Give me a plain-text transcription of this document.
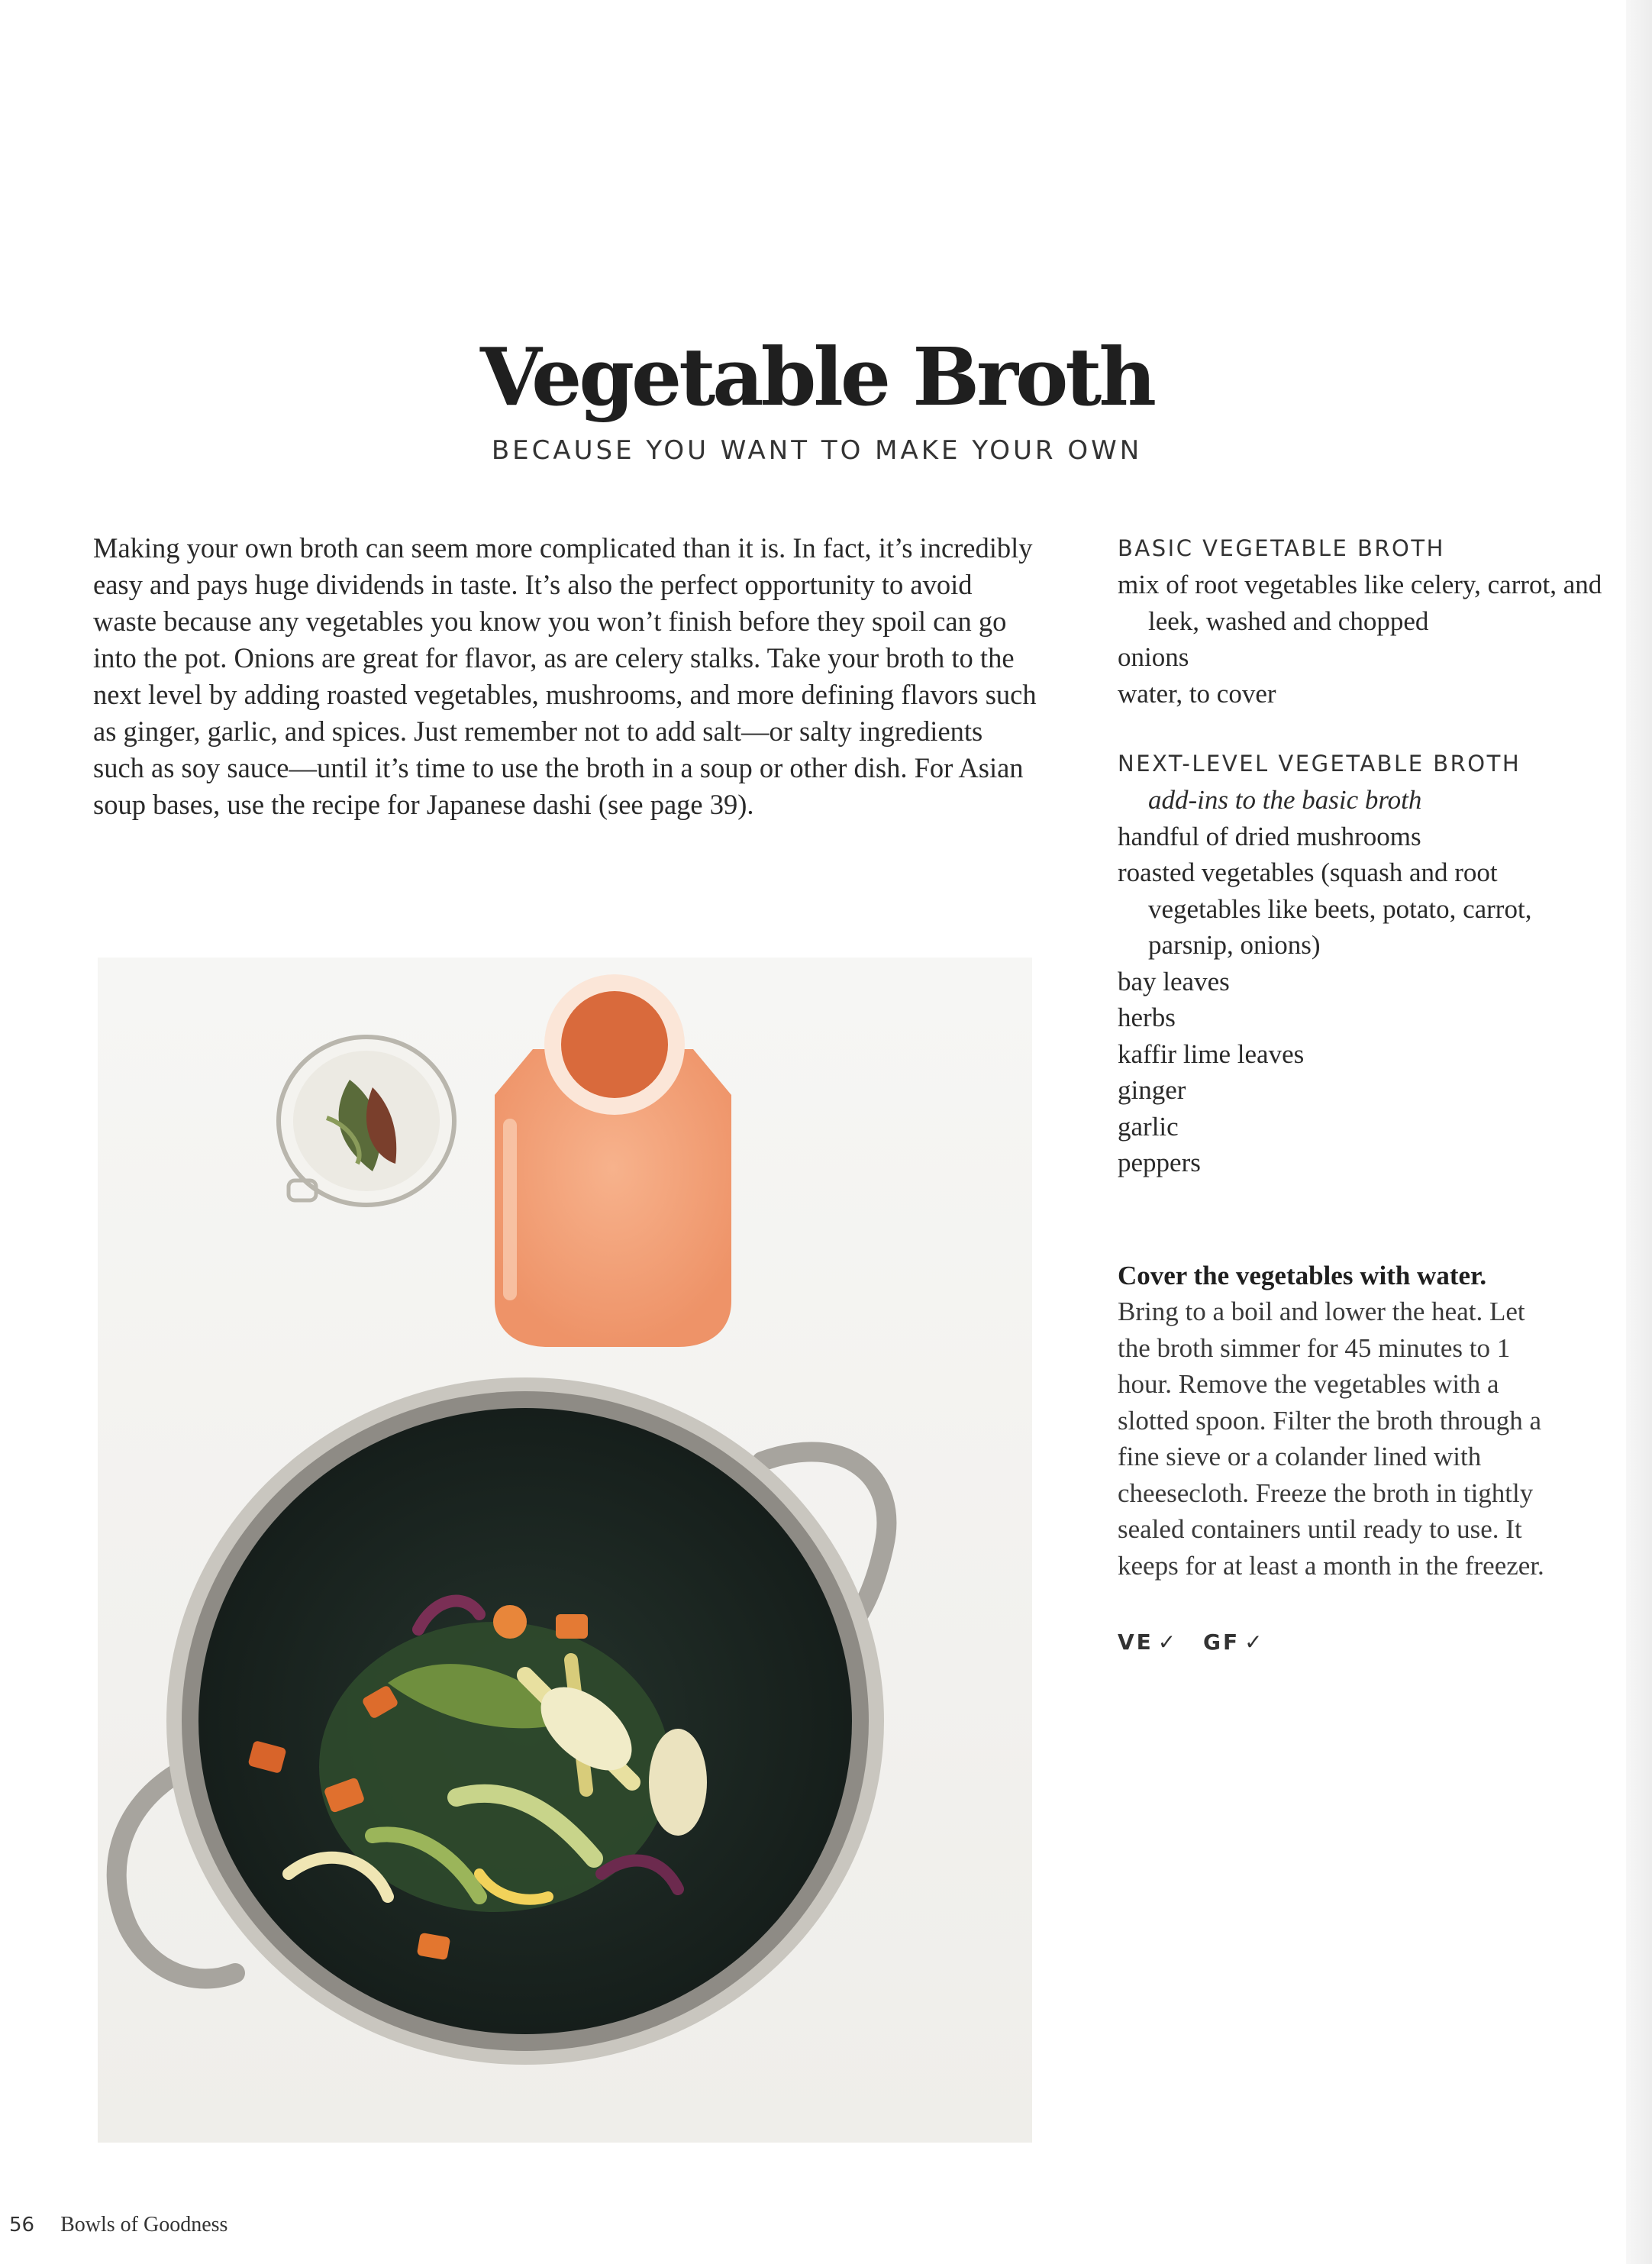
Vegetable Broth

BECAUSE YOU WANT TO MAKE YOUR OWN

Making your own broth can seem more complicated than it is. In fact, it’s incredibly easy and pays huge dividends in taste. It’s also the perfect opportunity to avoid waste because any vegetables you know you won’t finish before they spoil can go into the pot. Onions are great for flavor, as are celery stalks. Take your broth to the next level by adding roasted vegetables, mushrooms, and more defining flavors such as ginger, garlic, and spices. Just remember not to add salt—or salty ingredients such as soy sauce—until it’s time to use the broth in a soup or other dish. For Asian soup bases, use the recipe for Japanese dashi (see page 39).

BASIC VEGETABLE BROTH

mix of root vegetables like celery, carrot, and leek, washed and chopped
onions
water, to cover

NEXT-LEVEL VEGETABLE BROTH

add-ins to the basic broth
handful of dried mushrooms
roasted vegetables (squash and root vegetables like beets, potato, carrot, parsnip, onions)
bay leaves
herbs
kaffir lime leaves
ginger
garlic
peppers

Cover the vegetables with water. Bring to a boil and lower the heat. Let the broth simmer for 45 minutes to 1 hour. Remove the vegetables with a slotted spoon. Filter the broth through a fine sieve or a colander lined with cheesecloth. Freeze the broth in tightly sealed containers until ready to use. It keeps for at least a month in the freezer.

VE ✓ GF ✓
56 Bowls of Goodness
